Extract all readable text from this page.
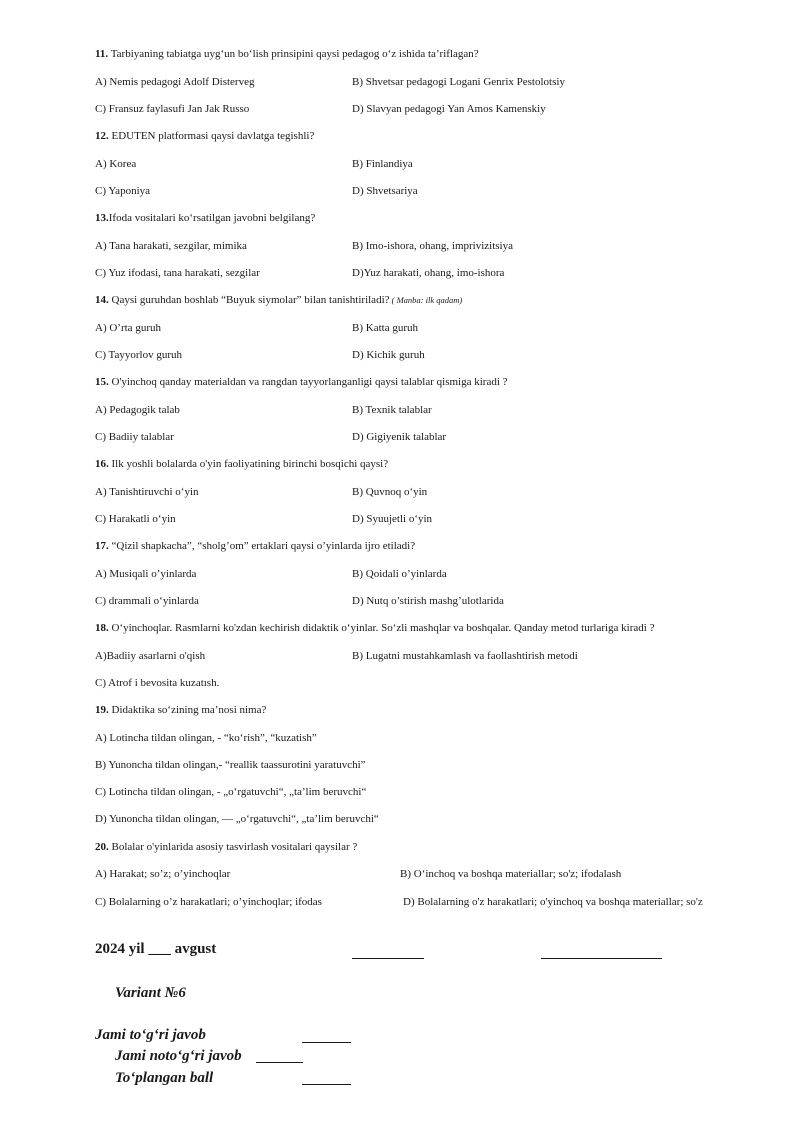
11. Tarbiyaning tabiatga uyg‘un bo‘lish prinsipini qaysi pedagog o‘z ishida ta’riflagan?
A) Nemis pedagogi Adolf Disterveg	B) Shvetsar pedagogi Logani Genrix Pestolotsiy
C) Fransuz faylasufi Jan Jak Russo	D) Slavyan pedagogi Yan Amos Kamenskiy
12. EDUTEN platformasi qaysi davlatga tegishli?
A) Korea	B) Finlandiya
C) Yaponiya	D) Shvetsariya
13.Ifoda vositalari ko‘rsatilgan javobni belgilang?
A) Tana harakati, sezgilar, mimika	B) Imo-ishora, ohang, imprivizitsiya
C) Yuz ifodasi, tana harakati, sezgilar	D)Yuz harakati, ohang, imo-ishora
14. Qaysi guruhdan boshlab “Buyuk siymolar” bilan tanishtiriladi? ( Manba: ilk qadam)
A) O’rta guruh	B) Katta guruh
C) Tayyorlov guruh	D) Kichik guruh
15. O'yinchoq qanday materialdan va rangdan tayyorlanganligi qaysi talablar qismiga kiradi ?
A) Pedagogik talab	B) Texnik talablar
C) Badiiy talablar	D) Gigiyenik talablar
16. Ilk yoshli bolalarda o'yin faoliyatining birinchi bosqichi qaysi?
A) Tanishtiruvchi o‘yin	B) Quvnoq o‘yin
C) Harakatli o‘yin	D) Syuujetli o‘yin
17. “Qizil shapkacha”, “sholg’om” ertaklari qaysi o’yinlarda ijro etiladi?
A) Musiqali o’yinlarda	B) Qoidali o’yinlarda
C) drammali o‘yinlarda	D) Nutq o’stirish mashg’ulotlarida
18. O‘yinchoqlar. Rasmlarni ko'zdan kechirish didaktik o‘yinlar. So‘zli mashqlar va boshqalar. Qanday metod turlariga kiradi ?
A)Badiiy asarlarni o'qish	B) Lugatni mustahkamlash va faollashtirish metodi
C) Atrof i bevosita kuzatısh.
19. Didaktika so‘zining ma’nosi nima?
A) Lotincha tildan olingan, - “ko‘rish”, “kuzatish”
B) Yunoncha tildan olingan,- “reallik taassurotini yaratuvchi”
C) Lotincha tildan olingan, - „o‘rgatuvchi“, „ta’lim beruvchi“
D) Yunoncha tildan olingan, — „o‘rgatuvchi“, „ta’lim beruvchi“
20. Bolalar o'yinlarida asosiy tasvirlash vositalari qaysilar ?
A) Harakat; so’z; o’yinchoqlar	B) O‘inchoq va boshqa materiallar; so'z; ifodalash
C) Bolalarning o’z harakatlari; o’yinchoqlar; ifodas	D) Bolalarning o'z harakatlari; o'yinchoq va boshqa materiallar; so'z
2024 yil ___ avgust
Variant №6
Jami to‘g‘ri javob
Jami noto‘g‘ri javob
To‘plangan ball
